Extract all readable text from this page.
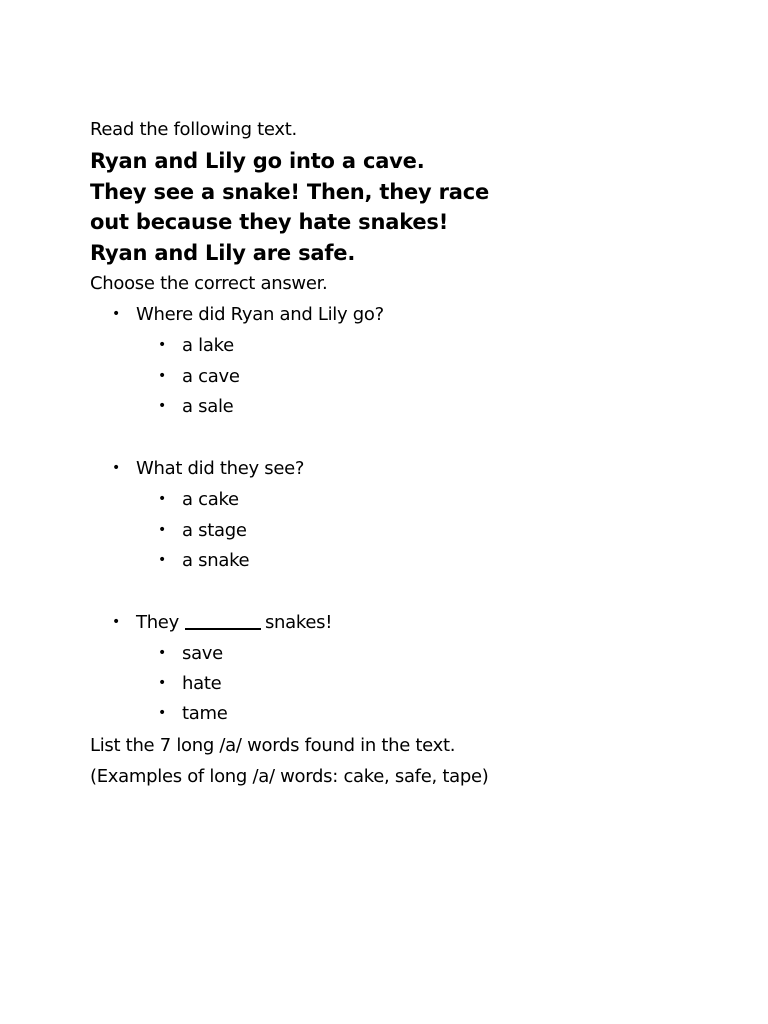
Read the following text.
Ryan and Lily go into a cave.
They see a snake! Then, they race
out because they hate snakes!
Ryan and Lily are safe.
Choose the correct answer.
• Where did Ryan and Lily go?
• a lake
• a cave
• a sale
• What did they see?
• a cake
• a stage
• a snake
• They	snakes!
• save
• hate
• tame
List the 7 long /a/ words found in the text.
(Examples of long /a/ words: cake, safe, tape)
